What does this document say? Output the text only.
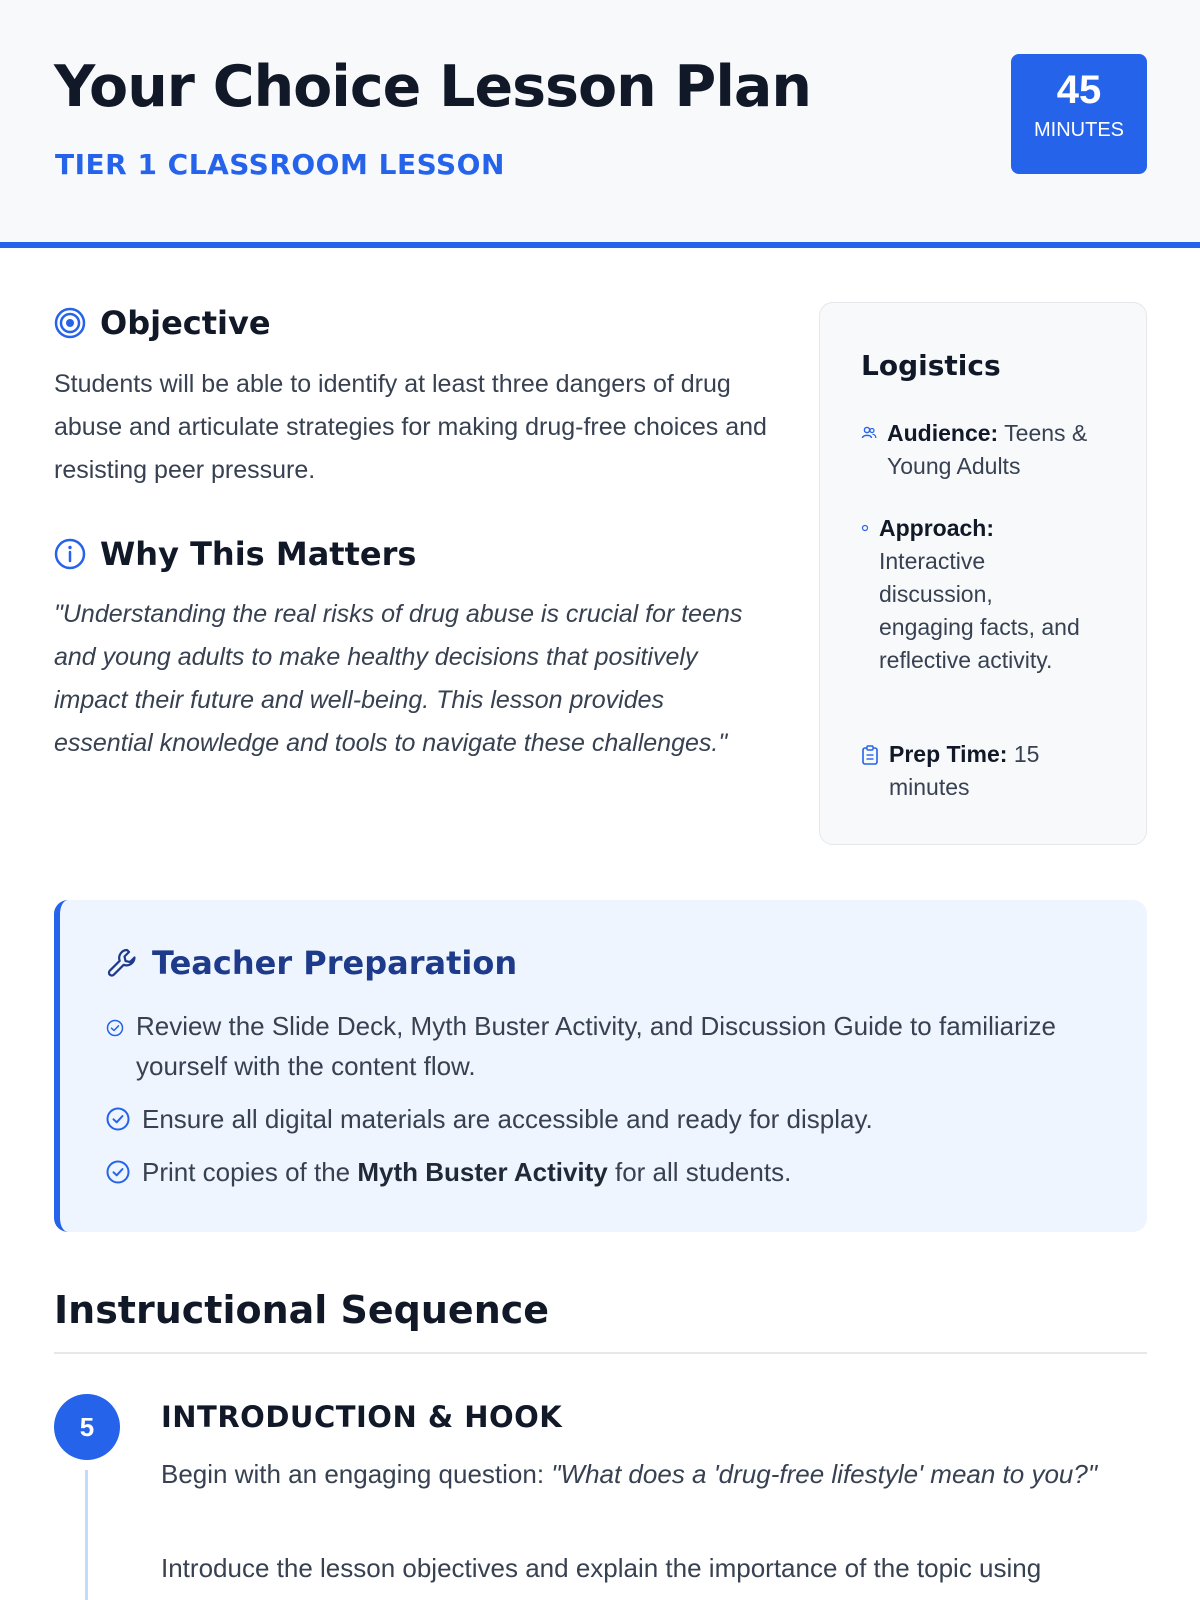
Your Choice Lesson Plan
TIER 1 CLASSROOM LESSON
45
MINUTES
Objective
Students will be able to identify at least three dangers of drug abuse and articulate strategies for making drug-free choices and resisting peer pressure.
Why This Matters
"Understanding the real risks of drug abuse is crucial for teens and young adults to make healthy decisions that positively impact their future and well-being. This lesson provides essential knowledge and tools to navigate these challenges."
Logistics
Audience: Teens & Young Adults
Approach:
Interactive discussion, engaging facts, and reflective activity.
Prep Time: 15 minutes
Teacher Preparation
Review the Slide Deck, Myth Buster Activity, and Discussion Guide to familiarize yourself with the content flow.
Ensure all digital materials are accessible and ready for display.
Print copies of the Myth Buster Activity for all students.
Instructional Sequence
5	INTRODUCTION & HOOK
Begin with an engaging question: "What does a 'drug-free lifestyle' mean to you?"
Introduce the lesson objectives and explain the importance of the topic using
